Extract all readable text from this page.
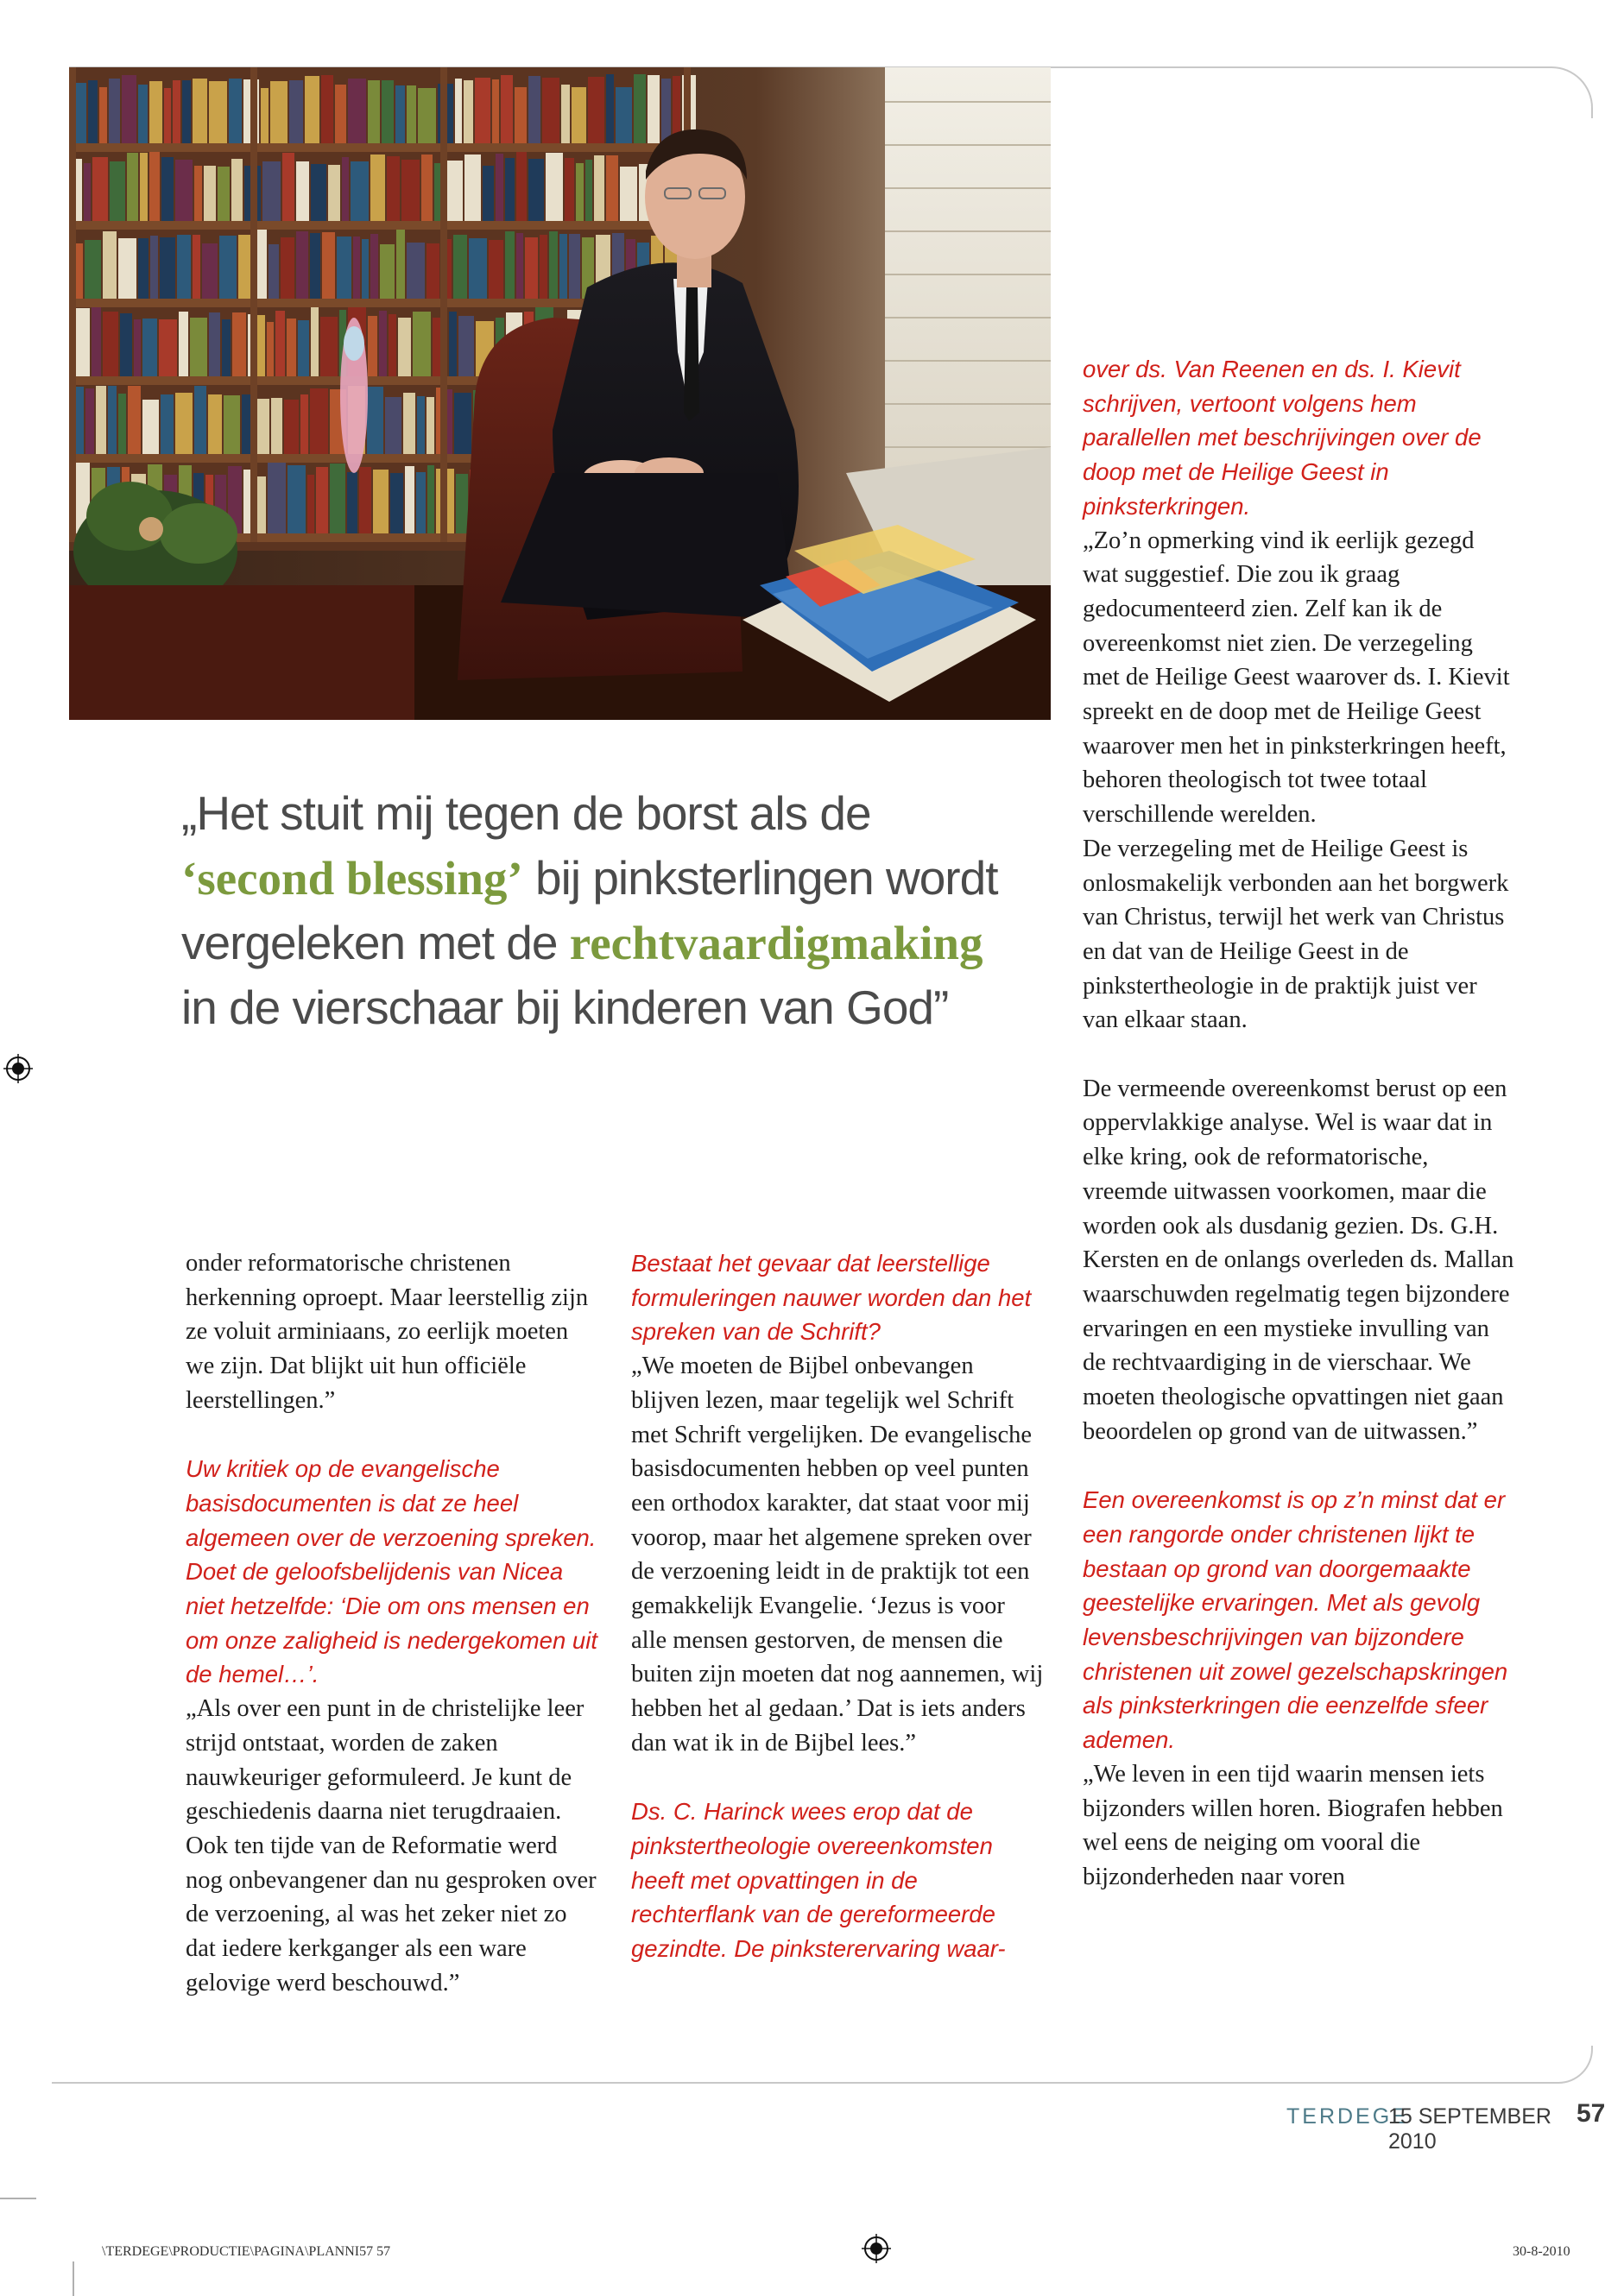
„Het stuit mij tegen de borst als de ‘second blessing’ bij pinksterlingen wordt vergeleken met de rechtvaardigmaking in de vierschaar bij kinderen van God”

onder reformatorische christenen herkenning oproept. Maar leerstellig zijn ze voluit arminiaans, zo eerlijk moeten we zijn. Dat blijkt uit hun officiële leerstellingen.”

Uw kritiek op de evangelische basisdocumenten is dat ze heel algemeen over de verzoening spreken. Doet de geloofsbelijdenis van Nicea niet hetzelfde: ‘Die om ons mensen en om onze zaligheid is nedergekomen uit de hemel…’.

„Als over een punt in de christelijke leer strijd ontstaat, worden de zaken nauwkeuriger geformuleerd. Je kunt de geschiedenis daarna niet terugdraaien. Ook ten tijde van de Reformatie werd nog onbevangener dan nu gesproken over de verzoening, al was het zeker niet zo dat iedere kerkganger als een ware gelovige werd beschouwd.”

Bestaat het gevaar dat leerstellige formuleringen nauwer worden dan het spreken van de Schrift?

„We moeten de Bijbel onbevangen blijven lezen, maar tegelijk wel Schrift met Schrift vergelijken. De evangelische basisdocumenten hebben op veel punten een orthodox karakter, dat staat voor mij voorop, maar het algemene spreken over de verzoening leidt in de praktijk tot een gemakkelijk Evangelie. ‘Jezus is voor alle mensen gestorven, de mensen die buiten zijn moeten dat nog aannemen, wij hebben het al gedaan.’ Dat is iets anders dan wat ik in de Bijbel lees.”

Ds. C. Harinck wees erop dat de pinkstertheologie overeenkomsten heeft met opvattingen in de rechterflank van de gereformeerde gezindte. De pinksterervaring waar-

over ds. Van Reenen en ds. I. Kievit schrijven, vertoont volgens hem parallellen met beschrijvingen over de doop met de Heilige Geest in pinksterkringen.

„Zo’n opmerking vind ik eerlijk gezegd wat suggestief. Die zou ik graag gedocumenteerd zien. Zelf kan ik de overeenkomst niet zien. De verzegeling met de Heilige Geest waarover ds. I. Kievit spreekt en de doop met de Heilige Geest waarover men het in pinksterkringen heeft, behoren theologisch tot twee totaal verschillende werelden.

De verzegeling met de Heilige Geest is onlosmakelijk verbonden aan het borgwerk van Christus, terwijl het werk van Christus en dat van de Heilige Geest in de pinkstertheologie in de praktijk juist ver van elkaar staan.

De vermeende overeenkomst berust op een oppervlakkige analyse. Wel is waar dat in elke kring, ook de reformatorische, vreemde uitwassen voorkomen, maar die worden ook als dusdanig gezien. Ds. G.H. Kersten en de onlangs overleden ds. Mallan waarschuwden regelmatig tegen bijzondere ervaringen en een mystieke invulling van de rechtvaardiging in de vierschaar. We moeten theologische opvattingen niet gaan beoordelen op grond van de uitwassen.”

Een overeenkomst is op z’n minst dat er een rangorde onder christenen lijkt te bestaan op grond van doorgemaakte geestelijke ervaringen. Met als gevolg levensbeschrijvingen van bijzondere christenen uit zowel gezelschapskringen als pinksterkringen die eenzelfde sfeer ademen.

„We leven in een tijd waarin mensen iets bijzonders willen horen. Biografen hebben wel eens de neiging om vooral die bijzonderheden naar voren

TERDEGE
15 SEPTEMBER 2010
57
\TERDEGE\PRODUCTIE\PAGINA\PLANNI57 57	30-8-2010
